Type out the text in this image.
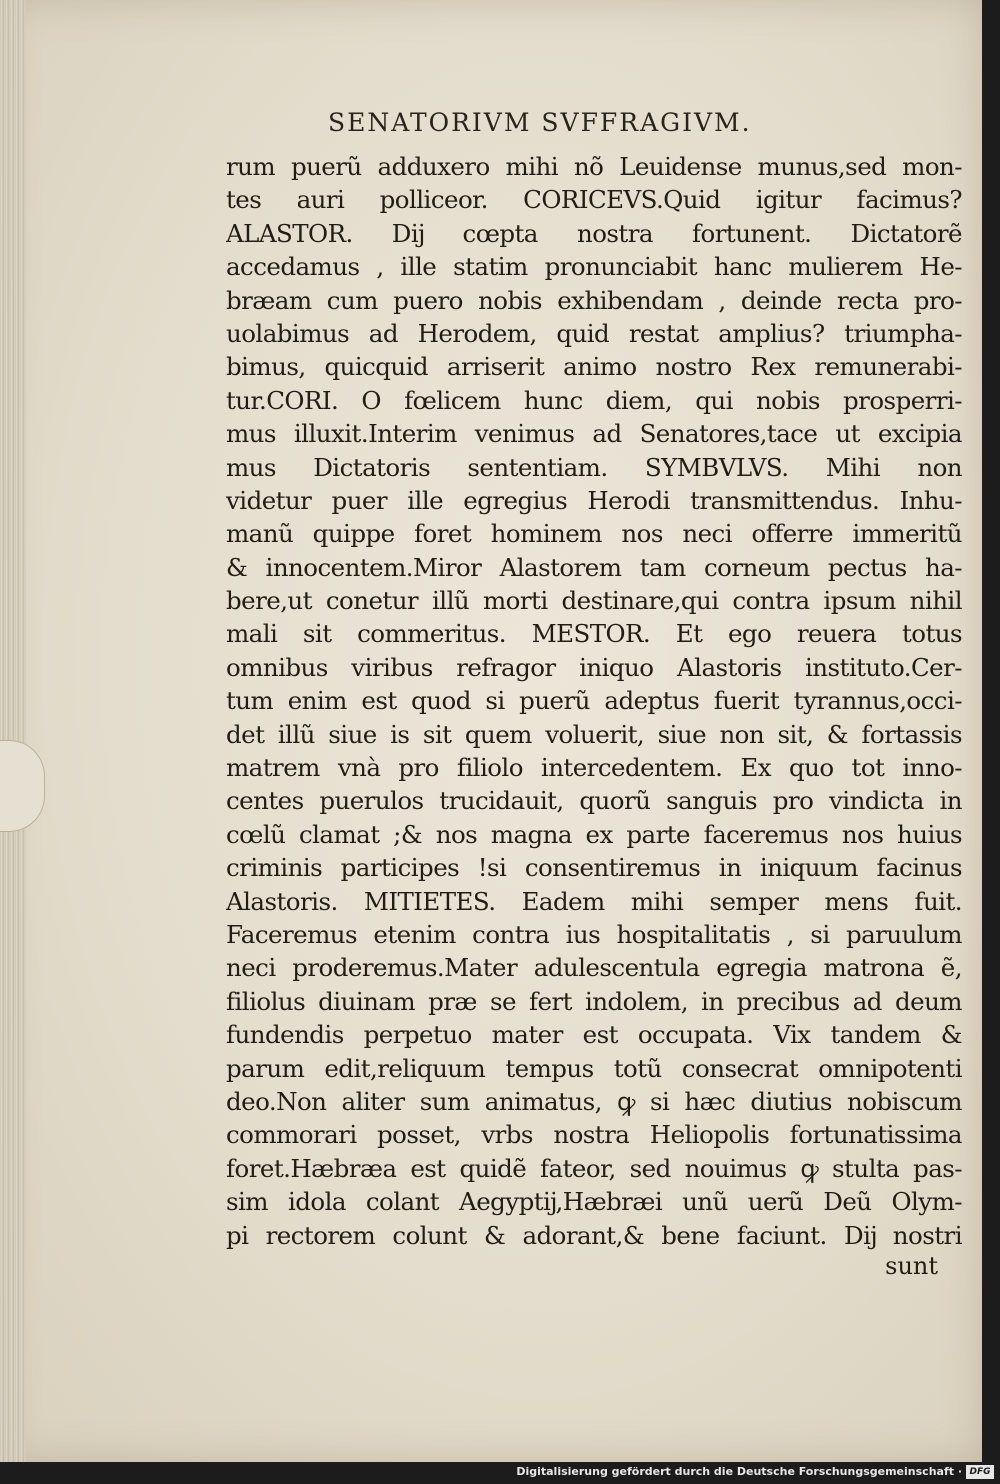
SENATORIVM SVFFRAGIVM.
rum puerũ adduxero mihi nõ Leuidense munus,sed mon-
tes auri polliceor. CORICEVS.Quid igitur facimus?
ALASTOR. Dĳ cœpta nostra fortunent. Dictatorẽ
accedamus , ille statim pronunciabit hanc mulierem He-
bræam cum puero nobis exhibendam , deinde recta pro-
uolabimus ad Herodem, quid restat amplius? triumpha-
bimus, quicquid arriserit animo nostro Rex remunerabi-
tur.CORI. O fœlicem hunc diem, qui nobis prosperri-
mus illuxit.Interim venimus ad Senatores,tace ut excipia
mus Dictatoris sententiam. SYMBVLVS. Mihi non
videtur puer ille egregius Herodi transmittendus. Inhu-
manũ quippe foret hominem nos neci offerre immeritũ
& innocentem.Miror Alastorem tam corneum pectus ha-
bere,ut conetur illũ morti destinare,qui contra ipsum nihil
mali sit commeritus. MESTOR. Et ego reuera totus
omnibus viribus refragor iniquo Alastoris instituto.Cer-
tum enim est quod si puerũ adeptus fuerit tyrannus,occi-
det illũ siue is sit quem voluerit, siue non sit, & fortassis
matrem vnà pro filiolo intercedentem. Ex quo tot inno-
centes puerulos trucidauit, quorũ sanguis pro vindicta in
cœlũ clamat ;& nos magna ex parte faceremus nos huius
criminis participes !si consentiremus in iniquum facinus
Alastoris. MITIETES. Eadem mihi semper mens fuit.
Faceremus etenim contra ius hospitalitatis , si paruulum
neci proderemus.Mater adulescentula egregia matrona ẽ,
filiolus diuinam præ se fert indolem, in precibus ad deum
fundendis perpetuo mater est occupata. Vix tandem &
parum edit,reliquum tempus totũ consecrat omnipotenti
deo.Non aliter sum animatus, ꝙ si hæc diutius nobiscum
commorari posset, vrbs nostra Heliopolis fortunatissima
foret.Hæbræa est quidẽ fateor, sed nouimus ꝙ stulta pas-
sim idola colant Aegyptĳ,Hæbræi unũ uerũ Deũ Olym-
pi rectorem colunt & adorant,& bene faciunt. Dĳ nostri
sunt
Digitalisierung gefördert durch die Deutsche Forschungsgemeinschaft · DFG
